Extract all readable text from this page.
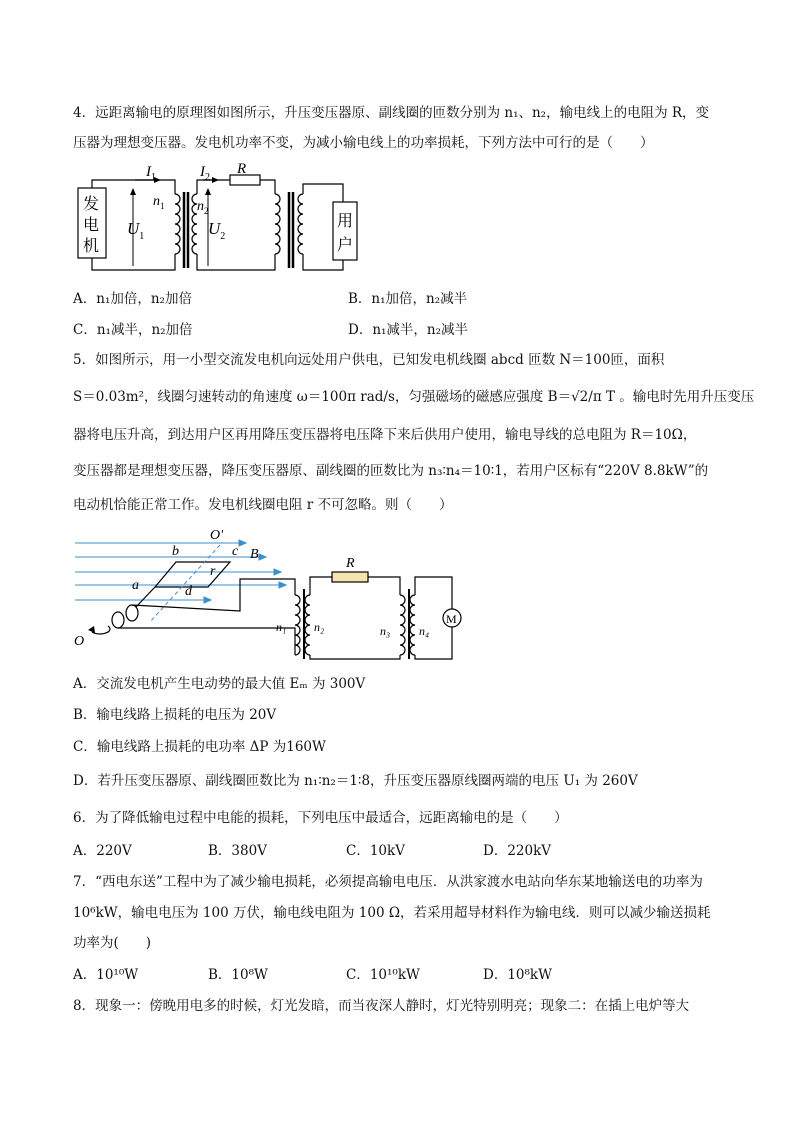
4．远距离输电的原理图如图所示，升压变压器原、副线圈的匝数分别为 n₁、n₂，输电线上的电阻为 R，变
压器为理想变压器。发电机功率不变，为减小输电线上的功率损耗，下列方法中可行的是（　　）
发
电
机
用
户
$I_1$	$I_2$
R
$n_1$ $n_2$
$U_1$	$U_2$
A．n₁加倍，n₂加倍	B．n₁加倍，n₂减半
C．n₁减半，n₂加倍	D．n₁减半，n₂减半
5．如图所示，用一小型交流发电机向远处用户供电，已知发电机线圈 abcd 匝数 N＝100匝，面积
S＝0.03m²，线圈匀速转动的角速度 ω＝100π rad/s，匀强磁场的磁感应强度 B＝√2/π T 。输电时先用升压变压
器将电压升高，到达用户区再用降压变压器将电压降下来后供用户使用，输电导线的总电阻为 R＝10Ω，
变压器都是理想变压器，降压变压器原、副线圈的匝数比为 n₃∶n₄＝10∶1，若用户区标有“220V 8.8kW”的
电动机恰能正常工作。发电机线圈电阻 r 不可忽略。则（　　）
O'
b	c B
r
a	d
O
R
n₁ n₂	n₃ n₄
M
A．交流发电机产生电动势的最大值 Eₘ 为 300V
B．输电线路上损耗的电压为 20V
C．输电线路上损耗的电功率 ΔP 为160W
D．若升压变压器原、副线圈匝数比为 n₁∶n₂＝1∶8，升压变压器原线圈两端的电压 U₁ 为 260V
6．为了降低输电过程中电能的损耗，下列电压中最适合，远距离输电的是（　　）
A．220V	B．380V	C．10kV	D．220kV
7．“西电东送”工程中为了减少输电损耗，必须提高输电电压．从洪家渡水电站向华东某地输送电的功率为
10⁶kW，输电电压为 100 万伏，输电线电阻为 100 Ω，若采用超导材料作为输电线．则可以减少输送损耗
功率为(　　)
A．10¹⁰W	B．10⁸W	C．10¹⁰kW	D．10⁸kW
8．现象一：傍晚用电多的时候，灯光发暗，而当夜深人静时，灯光特别明亮；现象二：在插上电炉等大
